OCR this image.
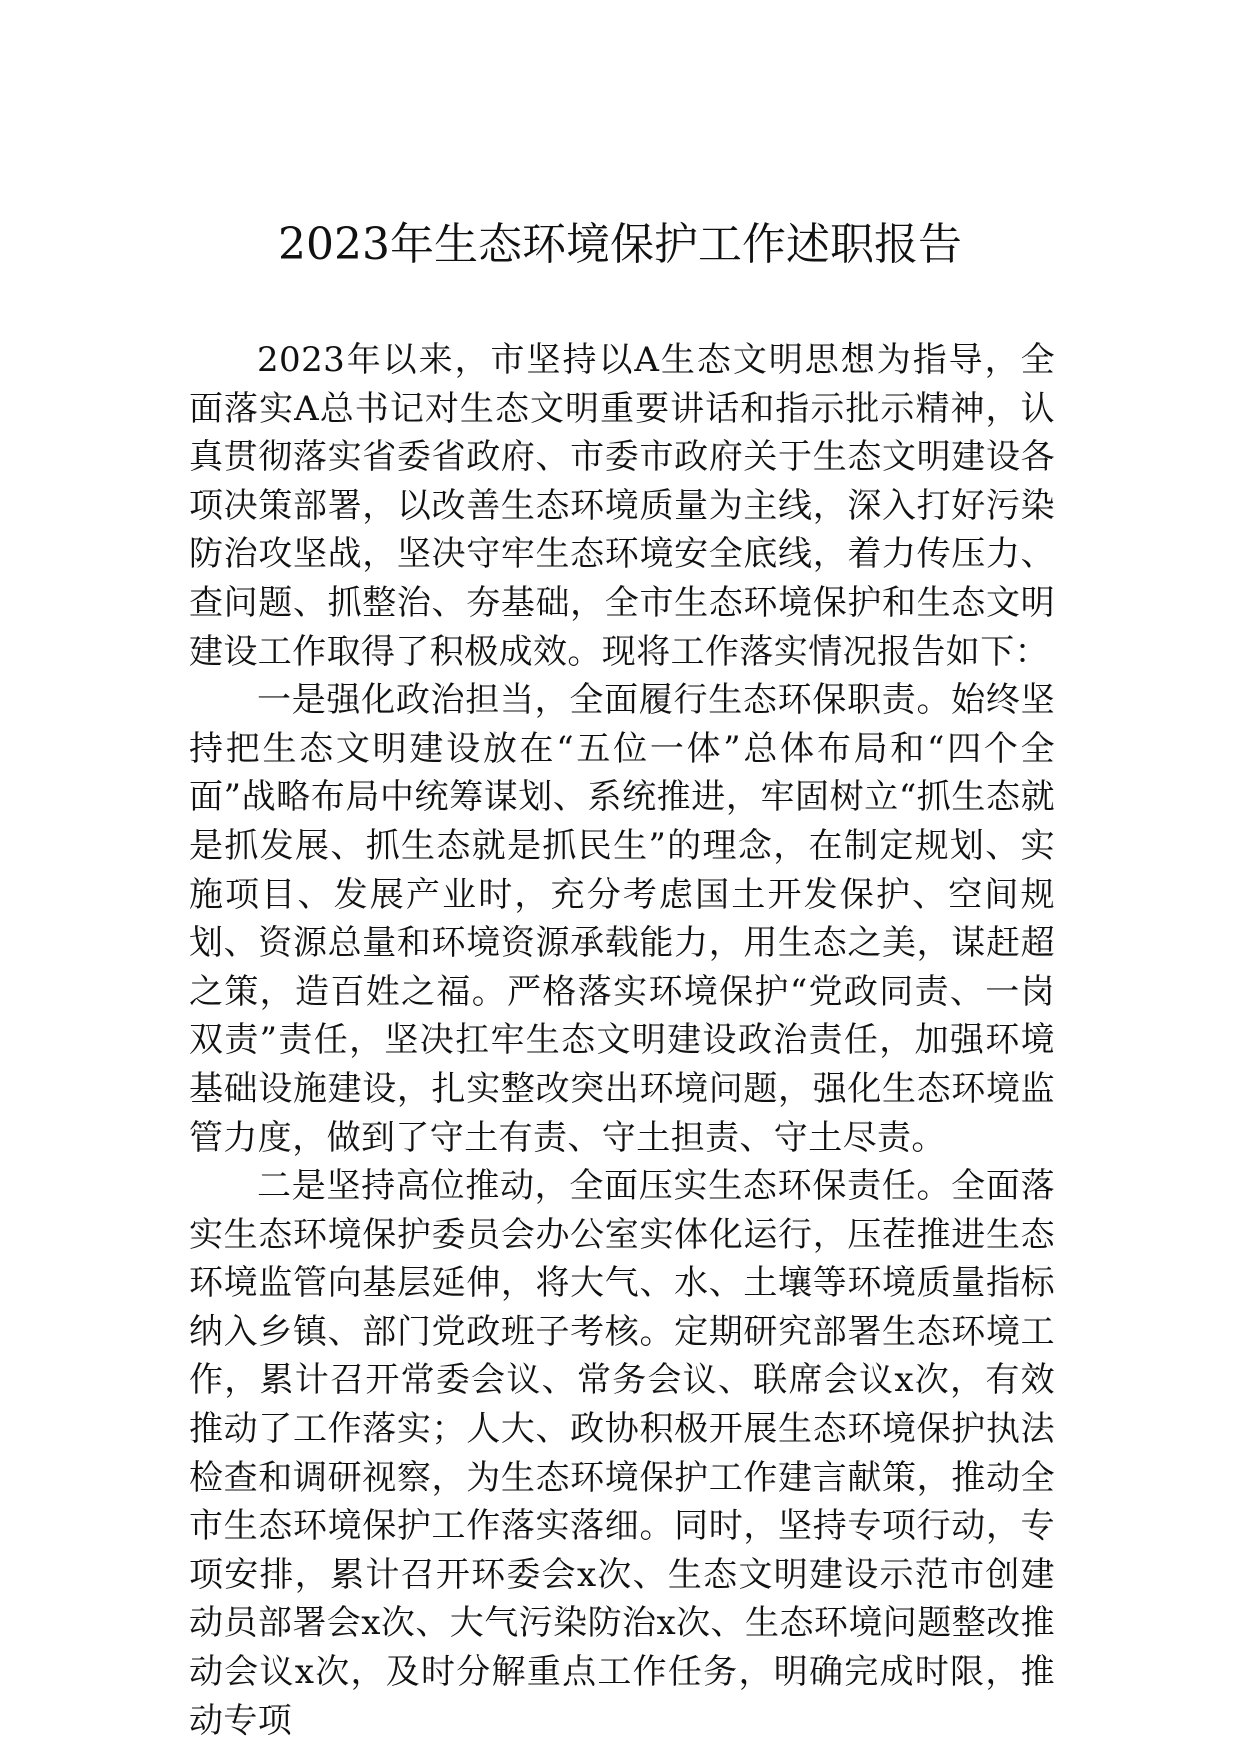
2023年生态环境保护工作述职报告

2023年以来，市坚持以A生态文明思想为指导，全面落实A总书记对生态文明重要讲话和指示批示精神，认真贯彻落实省委省政府、市委市政府关于生态文明建设各项决策部署，以改善生态环境质量为主线，深入打好污染防治攻坚战，坚决守牢生态环境安全底线，着力传压力、查问题、抓整治、夯基础，全市生态环境保护和生态文明建设工作取得了积极成效。现将工作落实情况报告如下：

一是强化政治担当，全面履行生态环保职责。始终坚持把生态文明建设放在“五位一体”总体布局和“四个全面”战略布局中统筹谋划、系统推进，牢固树立“抓生态就是抓发展、抓生态就是抓民生”的理念，在制定规划、实施项目、发展产业时，充分考虑国土开发保护、空间规划、资源总量和环境资源承载能力，用生态之美，谋赶超之策，造百姓之福。严格落实环境保护“党政同责、一岗双责”责任，坚决扛牢生态文明建设政治责任，加强环境基础设施建设，扎实整改突出环境问题，强化生态环境监管力度，做到了守土有责、守土担责、守土尽责。

二是坚持高位推动，全面压实生态环保责任。全面落实生态环境保护委员会办公室实体化运行，压茬推进生态环境监管向基层延伸，将大气、水、土壤等环境质量指标纳入乡镇、部门党政班子考核。定期研究部署生态环境工作，累计召开常委会议、常务会议、联席会议x次，有效推动了工作落实；人大、政协积极开展生态环境保护执法检查和调研视察，为生态环境保护工作建言献策，推动全市生态环境保护工作落实落细。同时，坚持专项行动，专项安排，累计召开环委会x次、生态文明建设示范市创建动员部署会x次、大气污染防治x次、生态环境问题整改推动会议x次，及时分解重点工作任务，明确完成时限，推动专项
